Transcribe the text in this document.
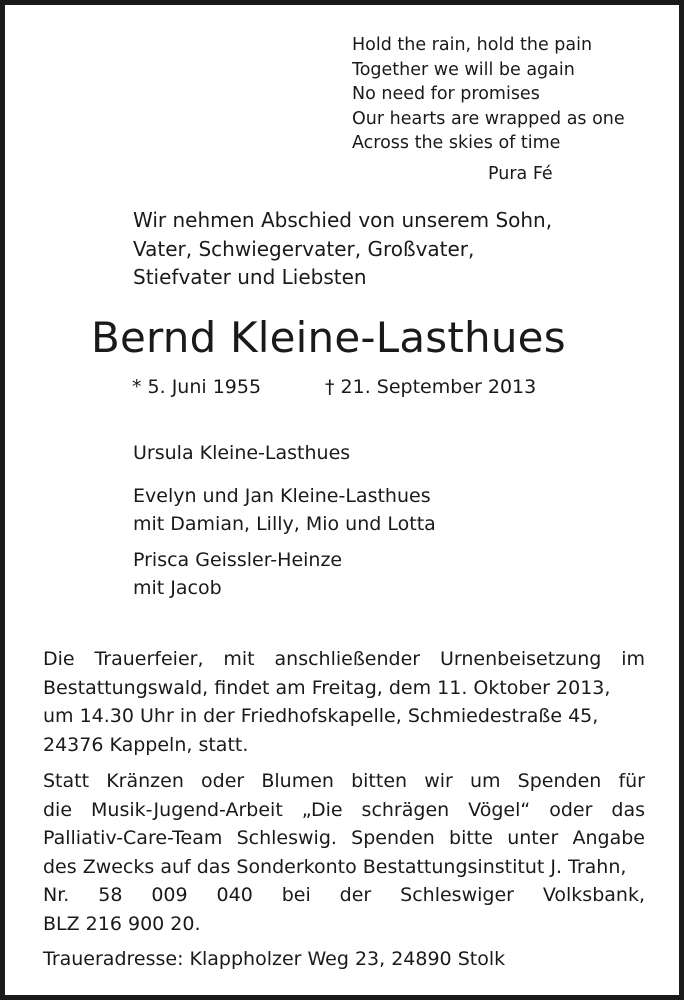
Hold the rain, hold the pain
Together we will be again
No need for promises
Our hearts are wrapped as one
Across the skies of time
Pura Fé
Wir nehmen Abschied von unserem Sohn,
Vater, Schwiegervater, Großvater,
Stiefvater und Liebsten
Bernd Kleine-Lasthues
* 5. Juni 1955	† 21. September 2013
Ursula Kleine-Lasthues
Evelyn und Jan Kleine-Lasthues
mit Damian, Lilly, Mio und Lotta
Prisca Geissler-Heinze
mit Jacob
Die Trauerfeier, mit anschließender Urnenbeisetzung im
Bestattungswald, findet am Freitag, dem 11. Oktober 2013,
um 14.30 Uhr in der Friedhofskapelle, Schmiedestraße 45,
24376 Kappeln, statt.
Statt Kränzen oder Blumen bitten wir um Spenden für
die Musik-Jugend-Arbeit „Die schrägen Vögel“ oder das
Palliativ-Care-Team Schleswig. Spenden bitte unter Angabe
des Zwecks auf das Sonderkonto Bestattungsinstitut J. Trahn,
Nr. 58 009 040 bei der Schleswiger Volksbank,
BLZ 216 900 20.
Traueradresse: Klappholzer Weg 23, 24890 Stolk
